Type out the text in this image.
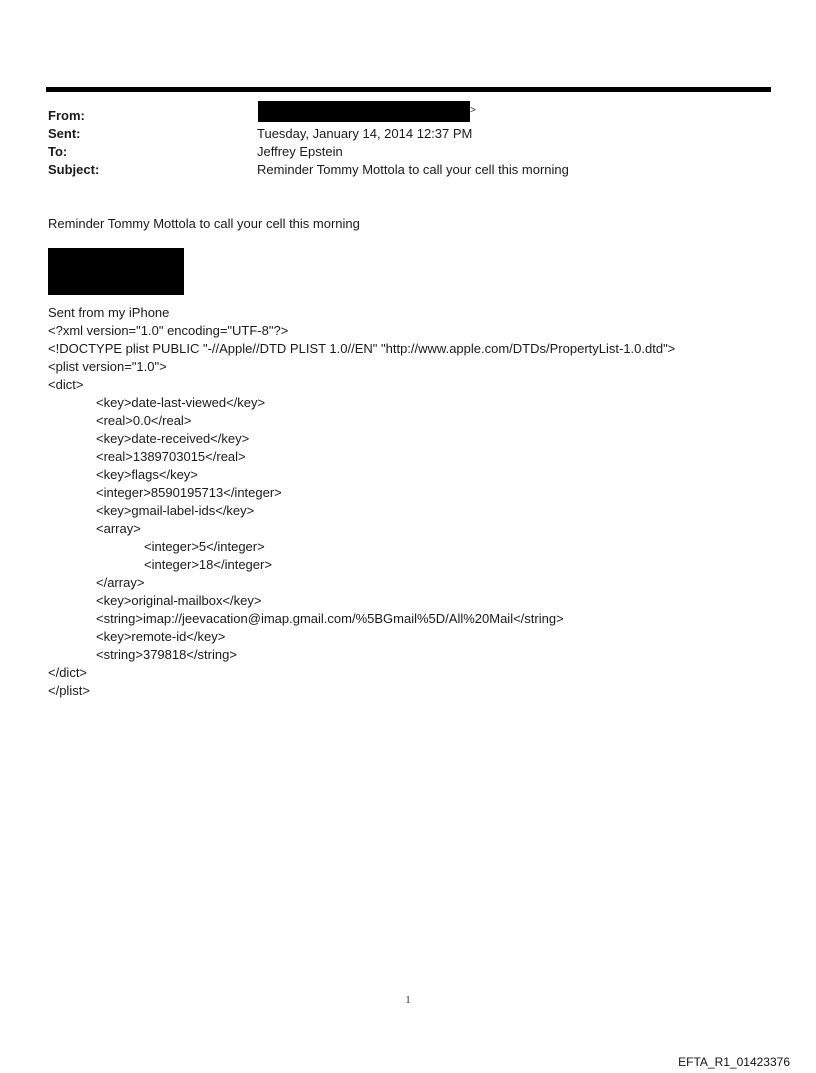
From:	>
Sent:	Tuesday, January 14, 2014 12:37 PM
To:	Jeffrey Epstein
Subject:	Reminder Tommy Mottola to call your cell this morning
Reminder Tommy Mottola to call your cell this morning
Sent from my iPhone
<?xml version="1.0" encoding="UTF-8"?>
<!DOCTYPE plist PUBLIC "-//Apple//DTD PLIST 1.0//EN" "http://www.apple.com/DTDs/PropertyList-1.0.dtd">
<plist version="1.0">
<dict>
<key>date-last-viewed</key>
<real>0.0</real>
<key>date-received</key>
<real>1389703015</real>
<key>flags</key>
<integer>8590195713</integer>
<key>gmail-label-ids</key>
<array>
<integer>5</integer>
<integer>18</integer>
</array>
<key>original-mailbox</key>
<string>imap://jeevacation@imap.gmail.com/%5BGmail%5D/All%20Mail</string>
<key>remote-id</key>
<string>379818</string>
</dict>
</plist>
1
EFTA_R1_01423376
